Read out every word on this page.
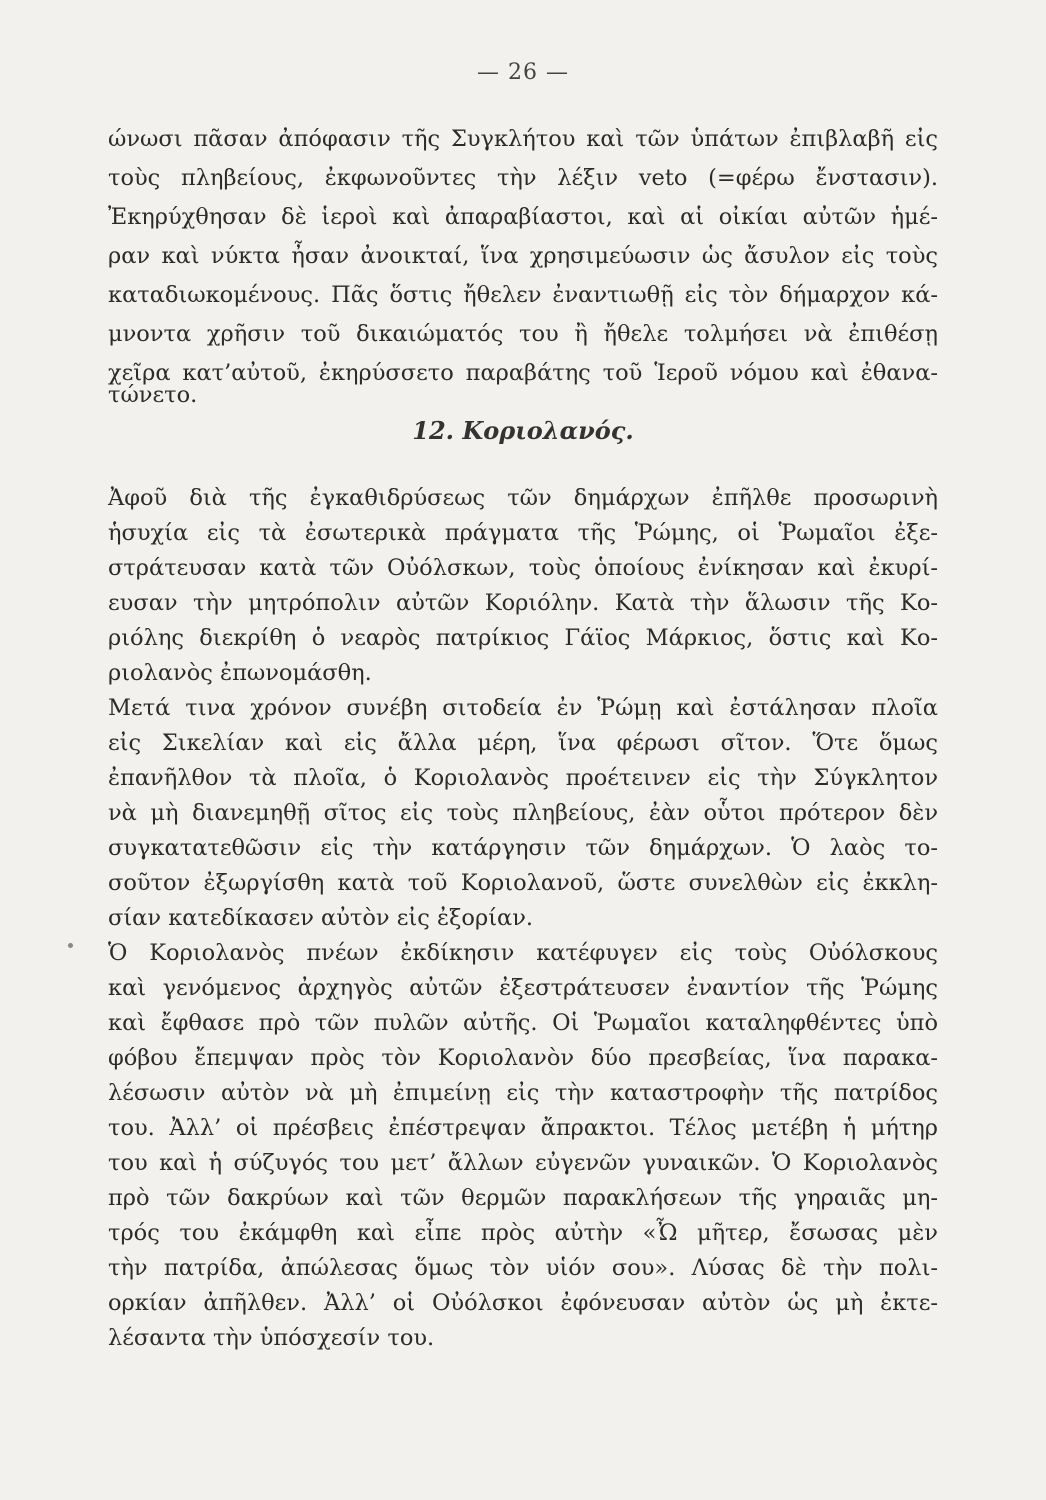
— 26 —
ώνωσι πᾶσαν ἀπόφασιν τῆς Συγκλήτου καὶ τῶν ὑπάτων ἐπιβλαβῆ εἰς
τοὺς πληβείους, ἐκφωνοῦντες τὴν λέξιν veto (=φέρω ἔνστασιν).
Ἐκηρύχθησαν δὲ ἱεροὶ καὶ ἀπαραβίαστοι, καὶ αἱ οἰκίαι αὐτῶν ἡμέ-
ραν καὶ νύκτα ἦσαν ἀνοικταί, ἵνα χρησιμεύωσιν ὡς ἄσυλον εἰς τοὺς
καταδιωκομένους. Πᾶς ὅστις ἤθελεν ἐναντιωθῇ εἰς τὸν δήμαρχον κά-
μνοντα χρῆσιν τοῦ δικαιώματός του ἢ ἤθελε τολμήσει νὰ ἐπιθέσῃ
χεῖρα κατ’αὐτοῦ, ἐκηρύσσετο παραβάτης τοῦ Ἱεροῦ νόμου καὶ ἐθανα-
τώνετο.
12. Κοριολανός.
Ἀφοῦ διὰ τῆς ἐγκαθιδρύσεως τῶν δημάρχων ἐπῆλθε προσωρινὴ
ἡσυχία εἰς τὰ ἐσωτερικὰ πράγματα τῆς Ῥώμης, οἱ Ῥωμαῖοι ἐξε-
στράτευσαν κατὰ τῶν Οὐόλσκων, τοὺς ὁποίους ἐνίκησαν καὶ ἐκυρί-
ευσαν τὴν μητρόπολιν αὐτῶν Κοριόλην. Κατὰ τὴν ἅλωσιν τῆς Κο-
ριόλης διεκρίθη ὁ νεαρὸς πατρίκιος Γάϊος Μάρκιος, ὅστις καὶ Κο-
ριολανὸς ἐπωνομάσθη.
Μετά τινα χρόνον συνέβη σιτοδεία ἐν Ῥώμῃ καὶ ἐστάλησαν πλοῖα
εἰς Σικελίαν καὶ εἰς ἄλλα μέρη, ἵνα φέρωσι σῖτον. Ὅτε ὅμως
ἐπανῆλθον τὰ πλοῖα, ὁ Κοριολανὸς προέτεινεν εἰς τὴν Σύγκλητον
νὰ μὴ διανεμηθῇ σῖτος εἰς τοὺς πληβείους, ἐὰν οὗτοι πρότερον δὲν
συγκατατεθῶσιν εἰς τὴν κατάργησιν τῶν δημάρχων. Ὁ λαὸς το-
σοῦτον ἐξωργίσθη κατὰ τοῦ Κοριολανοῦ, ὥστε συνελθὼν εἰς ἐκκλη-
σίαν κατεδίκασεν αὐτὸν εἰς ἐξορίαν.
Ὁ Κοριολανὸς πνέων ἐκδίκησιν κατέφυγεν εἰς τοὺς Οὐόλσκους
καὶ γενόμενος ἀρχηγὸς αὐτῶν ἐξεστράτευσεν ἐναντίον τῆς Ῥώμης
καὶ ἔφθασε πρὸ τῶν πυλῶν αὐτῆς. Οἱ Ῥωμαῖοι καταληφθέντες ὑπὸ
φόβου ἔπεμψαν πρὸς τὸν Κοριολανὸν δύο πρεσβείας, ἵνα παρακα-
λέσωσιν αὐτὸν νὰ μὴ ἐπιμείνῃ εἰς τὴν καταστροφὴν τῆς πατρίδος
του. Ἀλλ’ οἱ πρέσβεις ἐπέστρεψαν ἄπρακτοι. Τέλος μετέβη ἡ μήτηρ
του καὶ ἡ σύζυγός του μετ’ ἄλλων εὐγενῶν γυναικῶν. Ὁ Κοριολανὸς
πρὸ τῶν δακρύων καὶ τῶν θερμῶν παρακλήσεων τῆς γηραιᾶς μη-
τρός του ἐκάμφθη καὶ εἶπε πρὸς αὐτὴν «Ὦ μῆτερ, ἔσωσας μὲν
τὴν πατρίδα, ἀπώλεσας ὅμως τὸν υἱόν σου». Λύσας δὲ τὴν πολι-
ορκίαν ἀπῆλθεν. Ἀλλ’ οἱ Οὐόλσκοι ἐφόνευσαν αὐτὸν ὡς μὴ ἐκτε-
λέσαντα τὴν ὑπόσχεσίν του.
